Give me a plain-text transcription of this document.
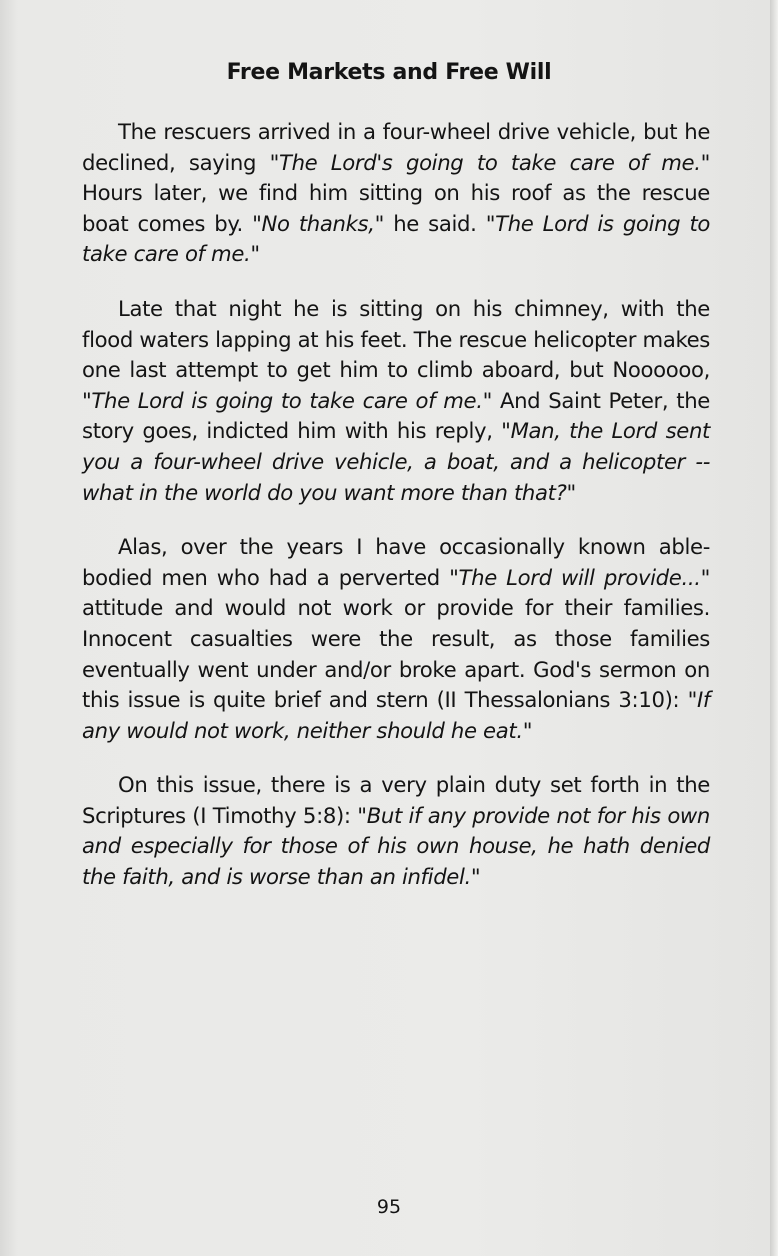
Free Markets and Free Will

The rescuers arrived in a four-wheel drive vehicle, but he declined, saying "The Lord's going to take care of me." Hours later, we find him sitting on his roof as the rescue boat comes by. "No thanks," he said. "The Lord is going to take care of me."

Late that night he is sitting on his chimney, with the flood waters lapping at his feet. The rescue helicopter makes one last attempt to get him to climb aboard, but Noooooo, "The Lord is going to take care of me." And Saint Peter, the story goes, indicted him with his reply, "Man, the Lord sent you a four-wheel drive vehicle, a boat, and a helicopter -- what in the world do you want more than that?"

Alas, over the years I have occasionally known able-bodied men who had a perverted "The Lord will provide..." attitude and would not work or provide for their families. Innocent casualties were the result, as those families eventually went under and/or broke apart. God's sermon on this issue is quite brief and stern (II Thessalonians 3:10): "If any would not work, neither should he eat."

On this issue, there is a very plain duty set forth in the Scriptures (I Timothy 5:8): "But if any provide not for his own and especially for those of his own house, he hath denied the faith, and is worse than an infidel."

95
